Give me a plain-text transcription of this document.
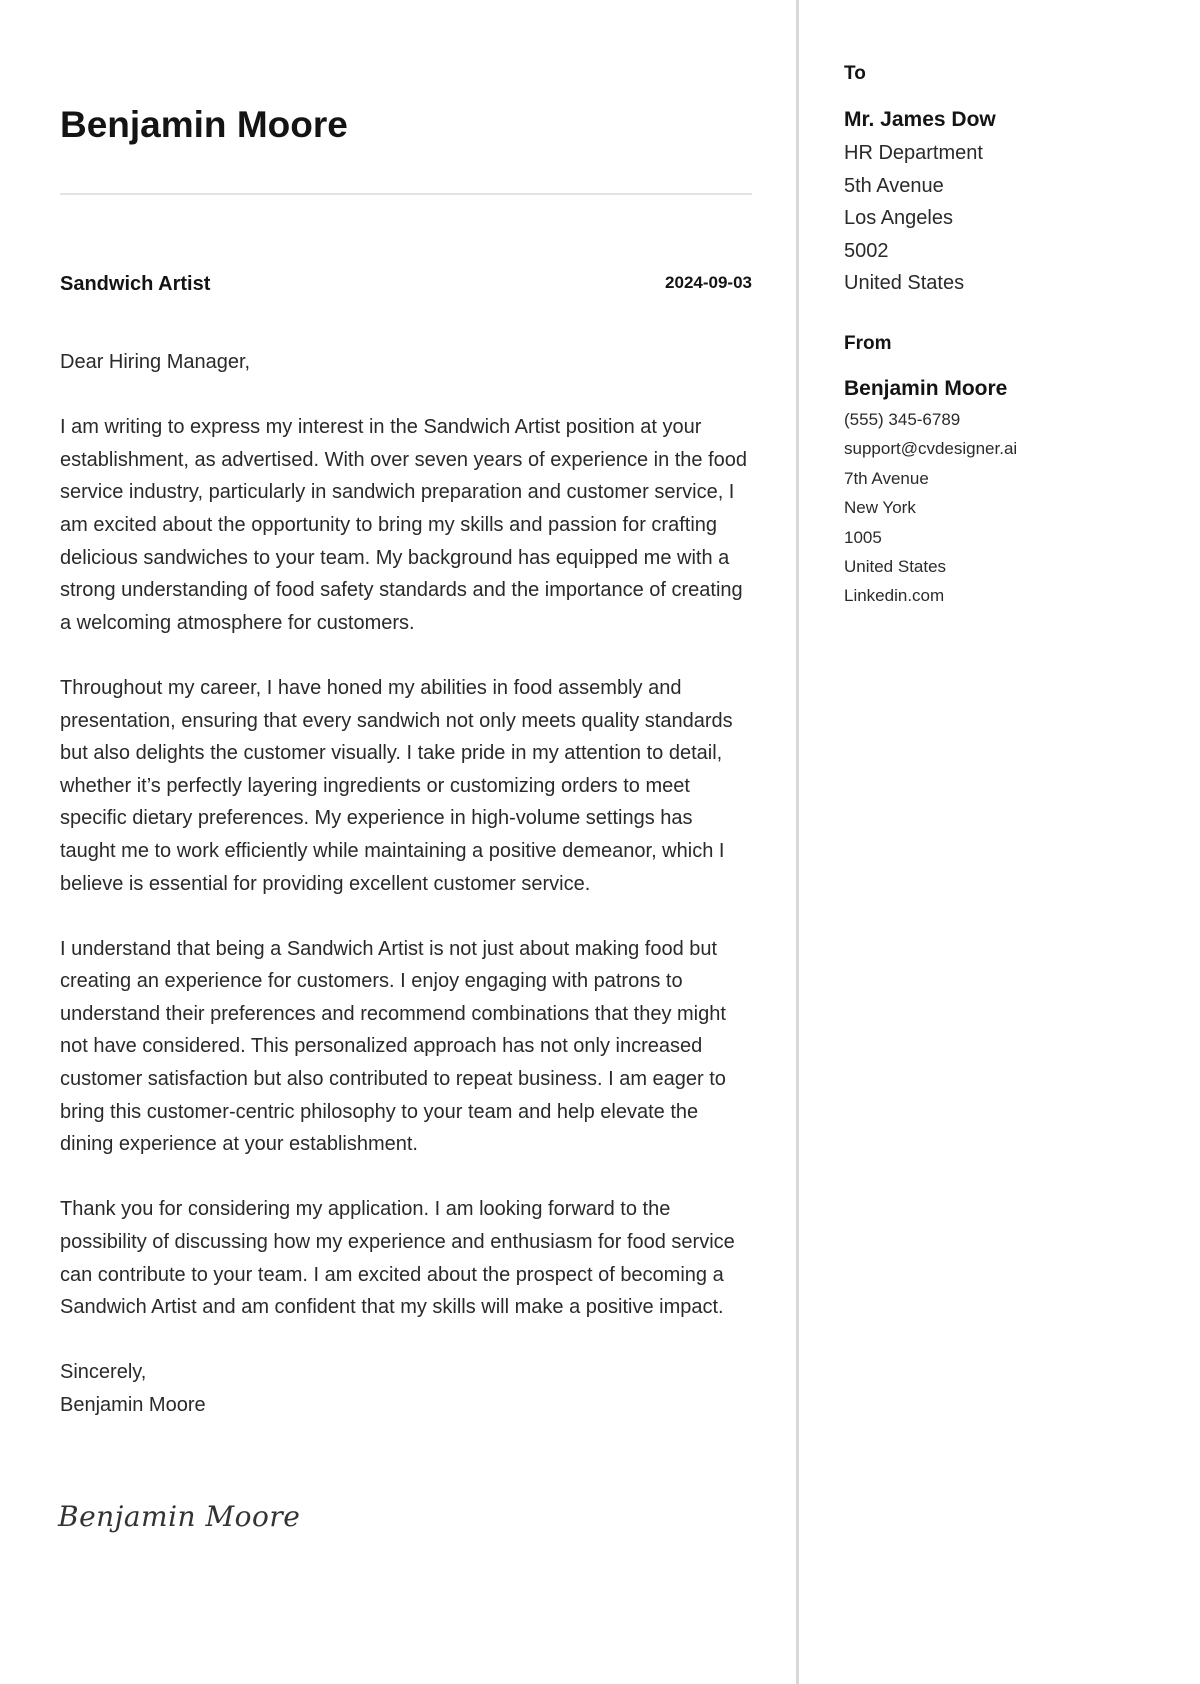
Benjamin Moore
Sandwich Artist	2024-09-03

Dear Hiring Manager,

I am writing to express my interest in the Sandwich Artist position at your establishment, as advertised. With over seven years of experience in the food service industry, particularly in sandwich preparation and customer service, I am excited about the opportunity to bring my skills and passion for crafting delicious sandwiches to your team. My background has equipped me with a strong understanding of food safety standards and the importance of creating a welcoming atmosphere for customers.

Throughout my career, I have honed my abilities in food assembly and presentation, ensuring that every sandwich not only meets quality standards but also delights the customer visually. I take pride in my attention to detail, whether it’s perfectly layering ingredients or customizing orders to meet specific dietary preferences. My experience in high-volume settings has taught me to work efficiently while maintaining a positive demeanor, which I believe is essential for providing excellent customer service.

I understand that being a Sandwich Artist is not just about making food but creating an experience for customers. I enjoy engaging with patrons to understand their preferences and recommend combinations that they might not have considered. This personalized approach has not only increased customer satisfaction but also contributed to repeat business. I am eager to bring this customer-centric philosophy to your team and help elevate the dining experience at your establishment.

Thank you for considering my application. I am looking forward to the possibility of discussing how my experience and enthusiasm for food service can contribute to your team. I am excited about the prospect of becoming a Sandwich Artist and am confident that my skills will make a positive impact.

Sincerely,
Benjamin Moore
Benjamin Moore
To
Mr. James Dow
HR Department
5th Avenue
Los Angeles
5002
United States
From
Benjamin Moore
(555) 345-6789
support@cvdesigner.ai
7th Avenue
New York
1005
United States
Linkedin.com
